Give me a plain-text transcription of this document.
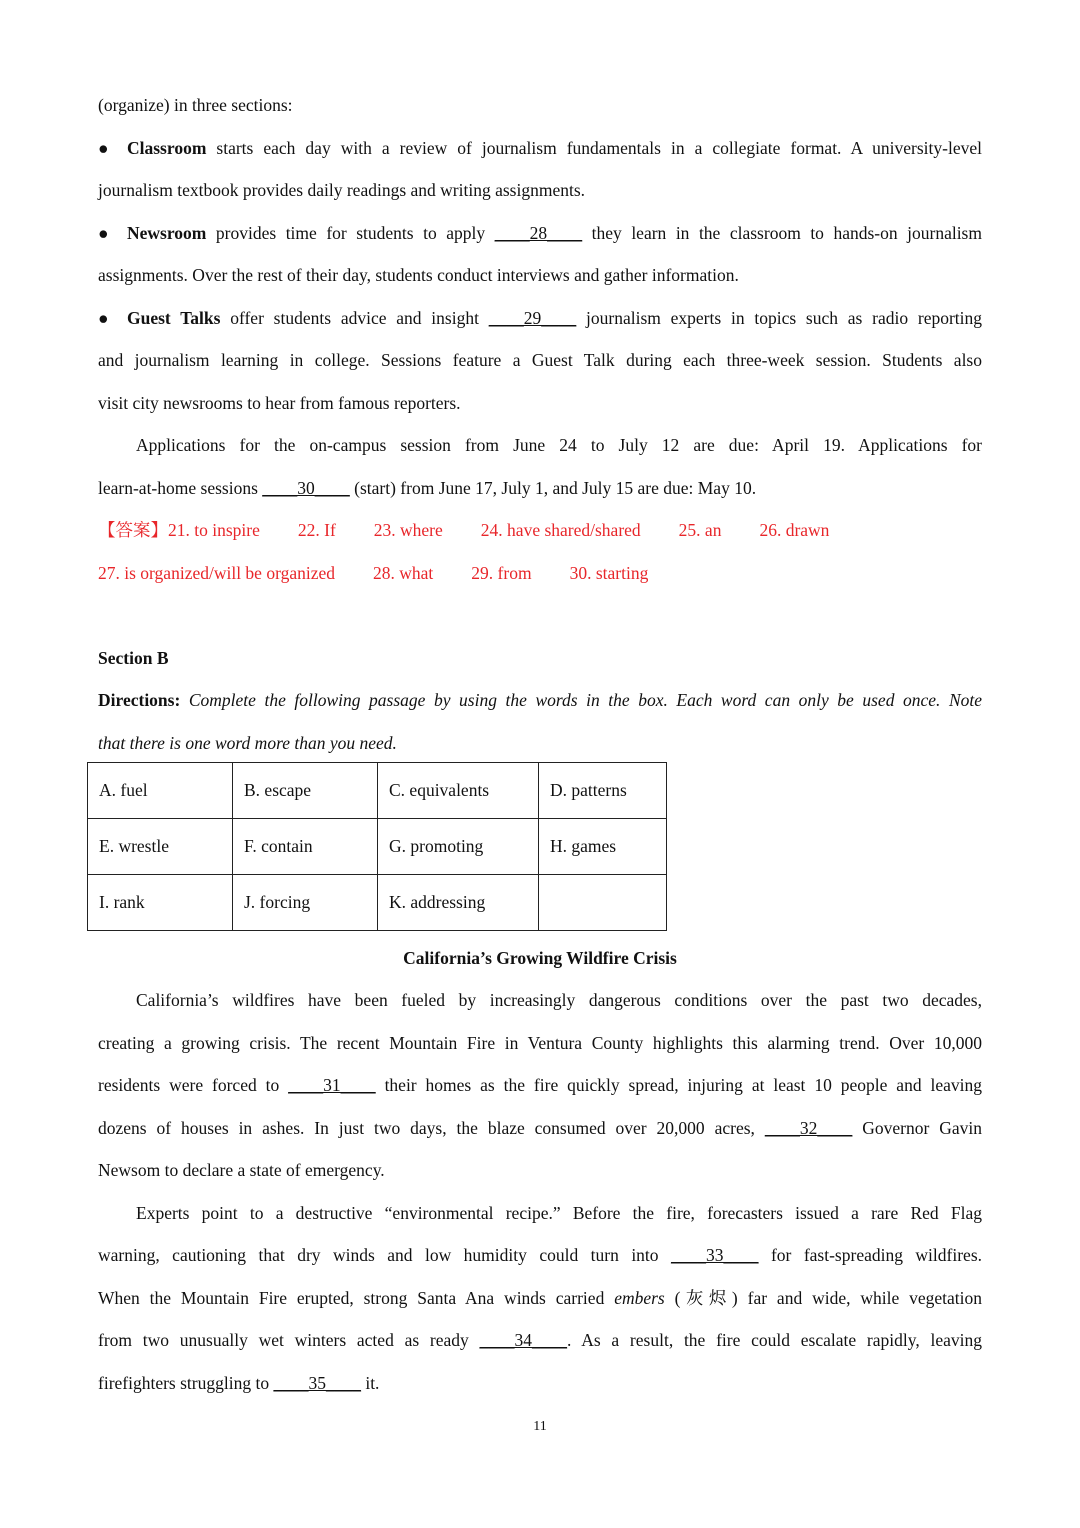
(organize) in three sections:
● Classroom starts each day with a review of journalism fundamentals in a collegiate format. A university-level
journalism textbook provides daily readings and writing assignments.
● Newsroom provides time for students to apply ____28____ they learn in the classroom to hands-on journalism
assignments. Over the rest of their day, students conduct interviews and gather information.
● Guest Talks offer students advice and insight ____29____ journalism experts in topics such as radio reporting
and journalism learning in college. Sessions feature a Guest Talk during each three-week session. Students also
visit city newsrooms to hear from famous reporters.
Applications for the on-campus session from June 24 to July 12 are due: April 19. Applications for
learn-at-home sessions ____30____ (start) from June 17, July 1, and July 15 are due: May 10.
【答案】21. to inspire 22. If 23. where 24. have shared/shared 25. an 26. drawn
27. is organized/will be organized 28. what 29. from 30. starting
Section B
Directions: Complete the following passage by using the words in the box. Each word can only be used once. Note
that there is one word more than you need.
A. fuel	B. escape	C. equivalents	D. patterns
E. wrestle	F. contain	G. promoting	H. games
I. rank	J. forcing	K. addressing	
California’s Growing Wildfire Crisis
California’s wildfires have been fueled by increasingly dangerous conditions over the past two decades,
creating a growing crisis. The recent Mountain Fire in Ventura County highlights this alarming trend. Over 10,000
residents were forced to ____31____ their homes as the fire quickly spread, injuring at least 10 people and leaving
dozens of houses in ashes. In just two days, the blaze consumed over 20,000 acres, ____32____ Governor Gavin
Newsom to declare a state of emergency.
Experts point to a destructive “environmental recipe.” Before the fire, forecasters issued a rare Red Flag
warning, cautioning that dry winds and low humidity could turn into ____33____ for fast-spreading wildfires.
When the Mountain Fire erupted, strong Santa Ana winds carried embers (灰烬) far and wide, while vegetation
from two unusually wet winters acted as ready ____34____. As a result, the fire could escalate rapidly, leaving
firefighters struggling to ____35____ it.
11
